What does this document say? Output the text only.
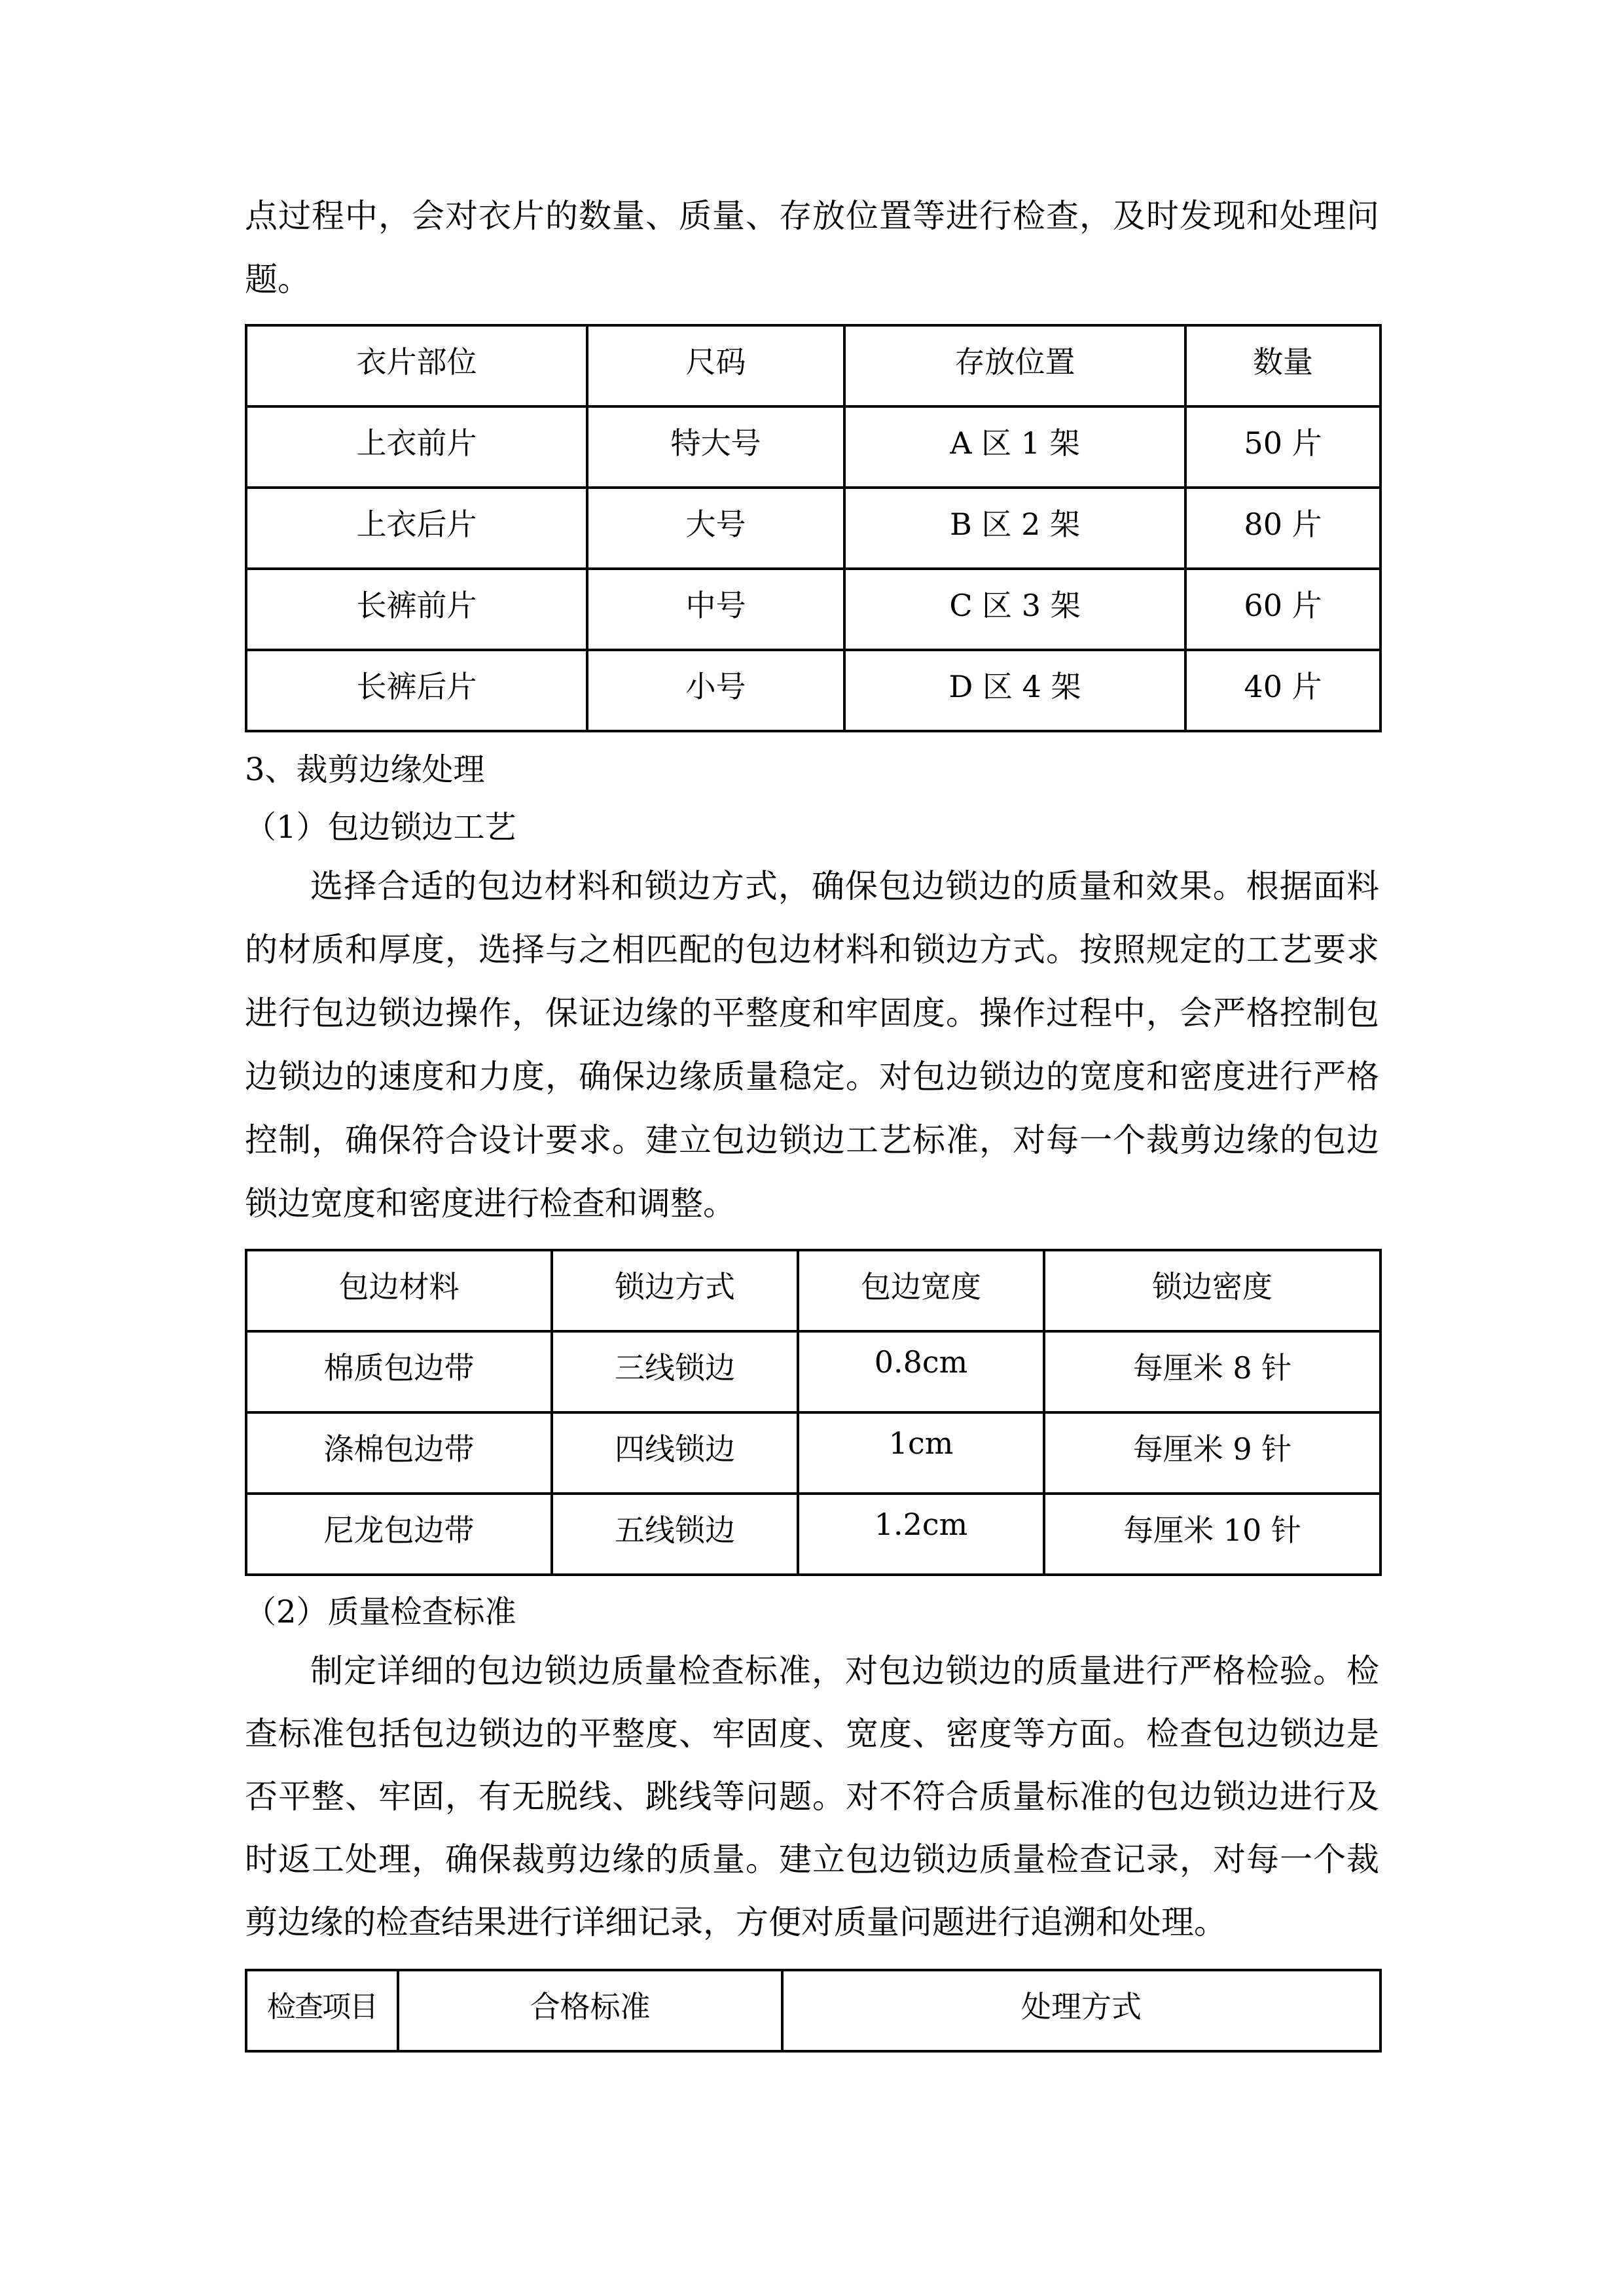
点过程中，会对衣片的数量、质量、存放位置等进行检查，及时发现和处理问
题。
衣片部位	尺码	存放位置	数量
上衣前片	特大号	A 区 1 架	50 片
上衣后片	大号	B 区 2 架	80 片
长裤前片	中号	C 区 3 架	60 片
长裤后片	小号	D 区 4 架	40 片
3、裁剪边缘处理
（1）包边锁边工艺
选择合适的包边材料和锁边方式，确保包边锁边的质量和效果。根据面料
的材质和厚度，选择与之相匹配的包边材料和锁边方式。按照规定的工艺要求
进行包边锁边操作，保证边缘的平整度和牢固度。操作过程中，会严格控制包
边锁边的速度和力度，确保边缘质量稳定。对包边锁边的宽度和密度进行严格
控制，确保符合设计要求。建立包边锁边工艺标准，对每一个裁剪边缘的包边
锁边宽度和密度进行检查和调整。
包边材料	锁边方式	包边宽度	锁边密度
棉质包边带	三线锁边	0.8cm	每厘米 8 针
涤棉包边带	四线锁边	1cm	每厘米 9 针
尼龙包边带	五线锁边	1.2cm	每厘米 10 针
（2）质量检查标准
制定详细的包边锁边质量检查标准，对包边锁边的质量进行严格检验。检
查标准包括包边锁边的平整度、牢固度、宽度、密度等方面。检查包边锁边是
否平整、牢固，有无脱线、跳线等问题。对不符合质量标准的包边锁边进行及
时返工处理，确保裁剪边缘的质量。建立包边锁边质量检查记录，对每一个裁
剪边缘的检查结果进行详细记录，方便对质量问题进行追溯和处理。
检查项目	合格标准	处理方式
